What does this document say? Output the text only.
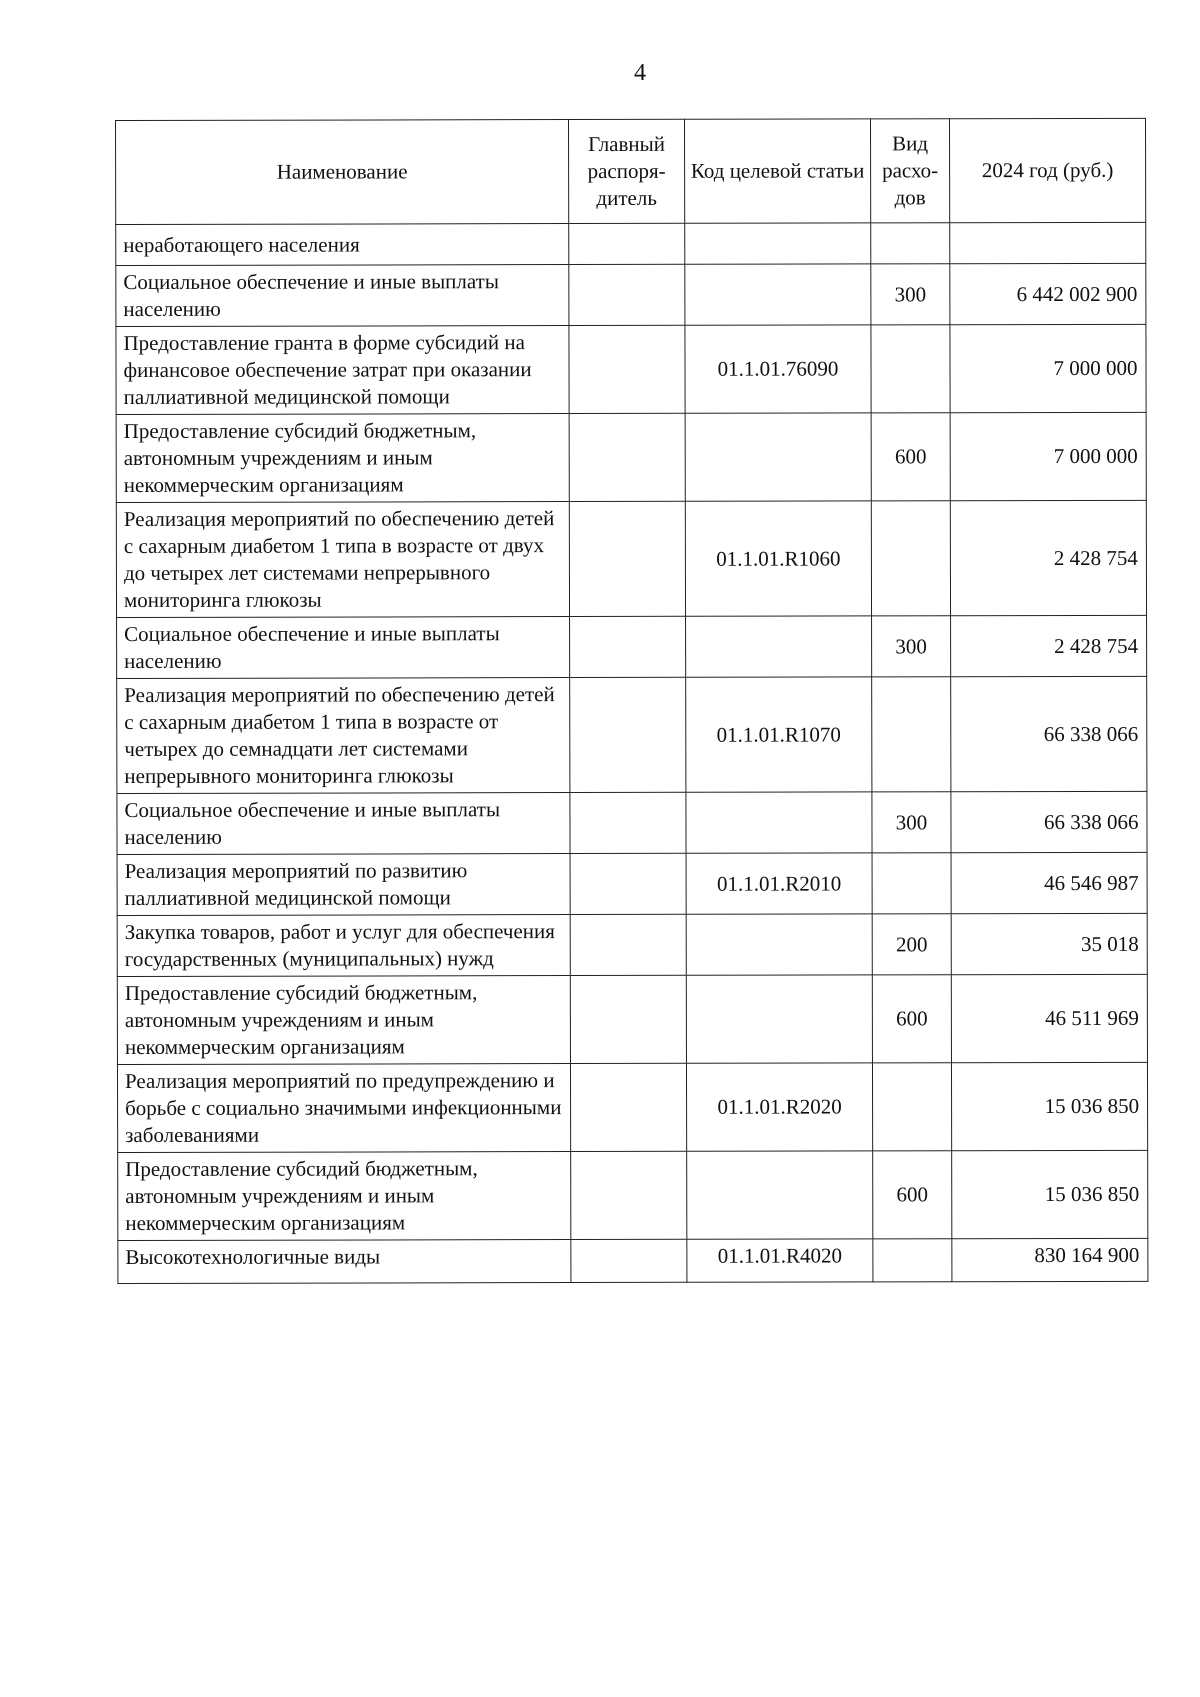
4
Наименование	Главный распоря-дитель	Код целевой статьи	Вид расхо-дов	2024 год (руб.)
неработающего населения				
Социальное обеспечение и иные выплаты населению			300	6 442 002 900
Предоставление гранта в форме субсидий на финансовое обеспечение затрат при оказании паллиативной медицинской помощи		01.1.01.76090		7 000 000
Предоставление субсидий бюджетным, автономным учреждениям и иным некоммерческим организациям			600	7 000 000
Реализация мероприятий по обеспечению детей с сахарным диабетом 1 типа в возрасте от двух до четырех лет системами непрерывного мониторинга глюкозы		01.1.01.R1060		2 428 754
Социальное обеспечение и иные выплаты населению			300	2 428 754
Реализация мероприятий по обеспечению детей с сахарным диабетом 1 типа в возрасте от четырех до семнадцати лет системами непрерывного мониторинга глюкозы		01.1.01.R1070		66 338 066
Социальное обеспечение и иные выплаты населению			300	66 338 066
Реализация мероприятий по развитию паллиативной медицинской помощи		01.1.01.R2010		46 546 987
Закупка товаров, работ и услуг для обеспечения государственных (муниципальных) нужд			200	35 018
Предоставление субсидий бюджетным, автономным учреждениям и иным некоммерческим организациям			600	46 511 969
Реализация мероприятий по предупреждению и борьбе с социально значимыми инфекционными заболеваниями		01.1.01.R2020		15 036 850
Предоставление субсидий бюджетным, автономным учреждениям и иным некоммерческим организациям			600	15 036 850
Высокотехнологичные виды		01.1.01.R4020		830 164 900
